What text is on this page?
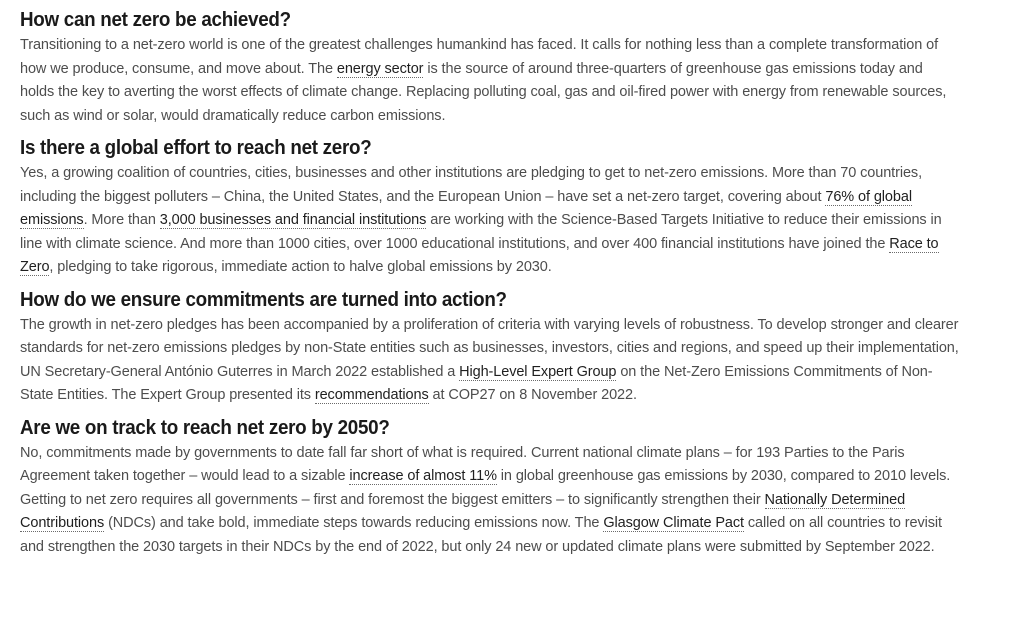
How can net zero be achieved?

Transitioning to a net-zero world is one of the greatest challenges humankind has faced. It calls for nothing less than a complete transformation of how we produce, consume, and move about. The energy sector is the source of around three-quarters of greenhouse gas emissions today and holds the key to averting the worst effects of climate change. Replacing polluting coal, gas and oil-fired power with energy from renewable sources, such as wind or solar, would dramatically reduce carbon emissions.

Is there a global effort to reach net zero?

Yes, a growing coalition of countries, cities, businesses and other institutions are pledging to get to net-zero emissions. More than 70 countries, including the biggest polluters – China, the United States, and the European Union – have set a net-zero target, covering about 76% of global emissions. More than 3,000 businesses and financial institutions are working with the Science-Based Targets Initiative to reduce their emissions in line with climate science. And more than 1000 cities, over 1000 educational institutions, and over 400 financial institutions have joined the Race to Zero, pledging to take rigorous, immediate action to halve global emissions by 2030.

How do we ensure commitments are turned into action?

The growth in net-zero pledges has been accompanied by a proliferation of criteria with varying levels of robustness. To develop stronger and clearer standards for net-zero emissions pledges by non-State entities such as businesses, investors, cities and regions, and speed up their implementation, UN Secretary-General António Guterres in March 2022 established a High-Level Expert Group on the Net-Zero Emissions Commitments of Non-State Entities. The Expert Group presented its recommendations at COP27 on 8 November 2022.

Are we on track to reach net zero by 2050?

No, commitments made by governments to date fall far short of what is required. Current national climate plans – for 193 Parties to the Paris Agreement taken together – would lead to a sizable increase of almost 11% in global greenhouse gas emissions by 2030, compared to 2010 levels. Getting to net zero requires all governments – first and foremost the biggest emitters – to significantly strengthen their Nationally Determined Contributions (NDCs) and take bold, immediate steps towards reducing emissions now. The Glasgow Climate Pact called on all countries to revisit and strengthen the 2030 targets in their NDCs by the end of 2022, but only 24 new or updated climate plans were submitted by September 2022.
